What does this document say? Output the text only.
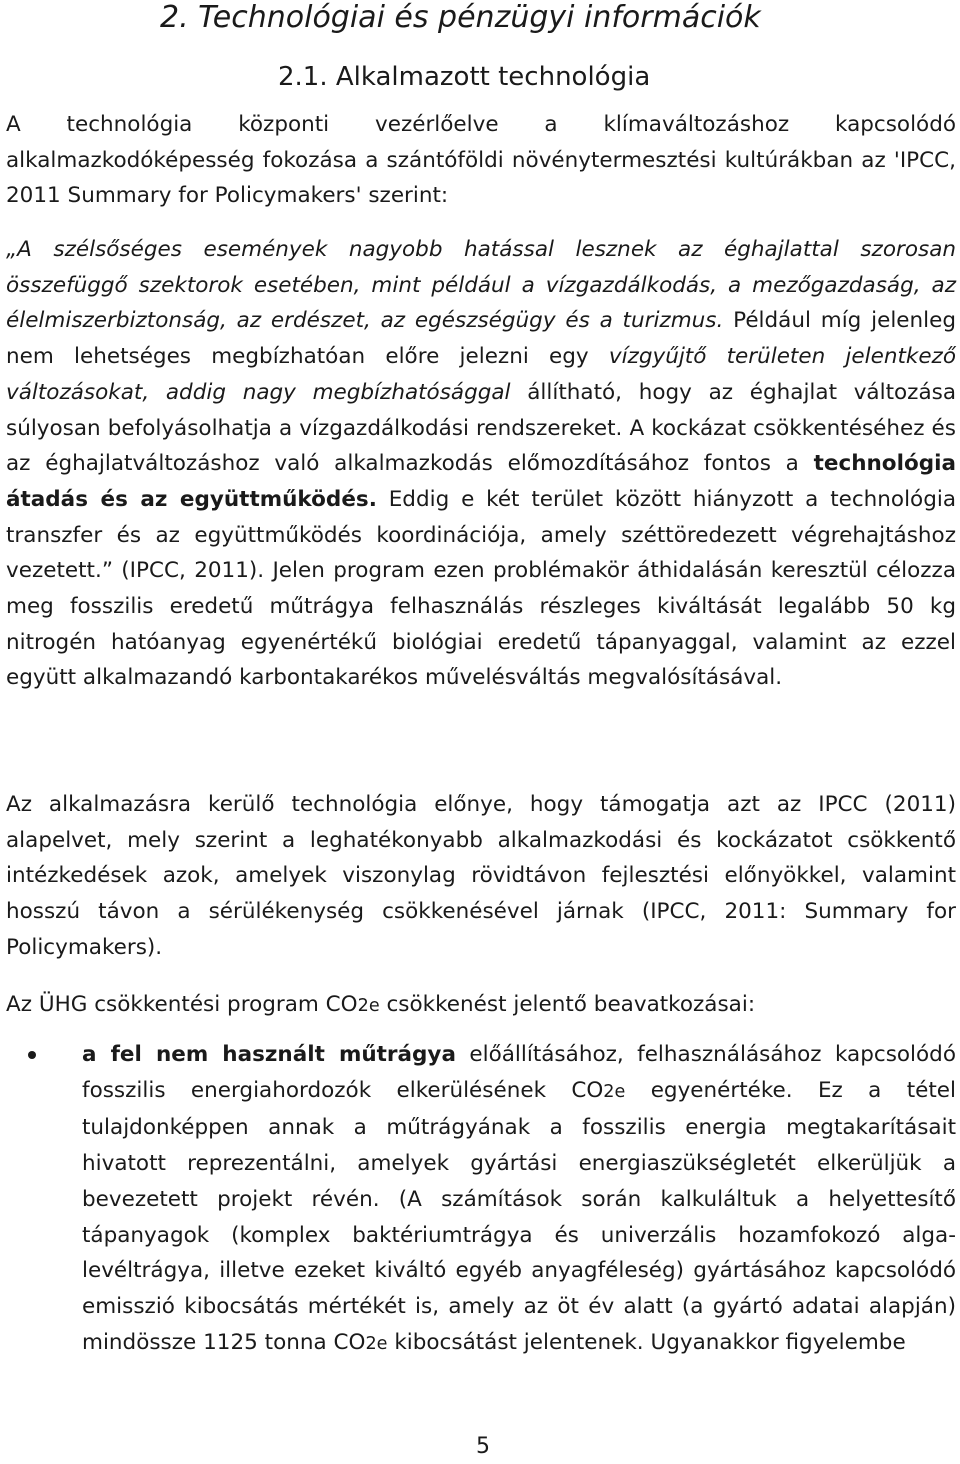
2. Technológiai és pénzügyi információk
2.1. Alkalmazott technológia

A technológia központi vezérlőelve a klímaváltozáshoz kapcsolódó alkalmazkodóképesség fokozása a szántóföldi növénytermesztési kultúrákban az 'IPCC, 2011 Summary for Policymakers' szerint:

„A szélsőséges események nagyobb hatással lesznek az éghajlattal szorosan összefüggő szektorok esetében, mint például a vízgazdálkodás, a mezőgazdaság, az élelmiszerbiztonság, az erdészet, az egészségügy és a turizmus. Például míg jelenleg nem lehetséges megbízhatóan előre jelezni egy vízgyűjtő területen jelentkező változásokat, addig nagy megbízhatósággal állítható, hogy az éghajlat változása súlyosan befolyásolhatja a vízgazdálkodási rendszereket. A kockázat csökkentéséhez és az éghajlatváltozáshoz való alkalmazkodás előmozdításához fontos a technológia átadás és az együttműködés. Eddig e két terület között hiányzott a technológia transzfer és az együttműködés koordinációja, amely széttöredezett végrehajtáshoz vezetett.” (IPCC, 2011). Jelen program ezen problémakör áthidalásán keresztül célozza meg fosszilis eredetű műtrágya felhasználás részleges kiváltását legalább 50 kg nitrogén hatóanyag egyenértékű biológiai eredetű tápanyaggal, valamint az ezzel együtt alkalmazandó karbontakarékos művelésváltás megvalósításával.

Az alkalmazásra kerülő technológia előnye, hogy támogatja azt az IPCC (2011) alapelvet, mely szerint a leghatékonyabb alkalmazkodási és kockázatot csökkentő intézkedések azok, amelyek viszonylag rövidtávon fejlesztési előnyökkel, valamint hosszú távon a sérülékenység csökkenésével járnak (IPCC, 2011: Summary for Policymakers).

Az ÜHG csökkentési program CO2e csökkenést jelentő beavatkozásai:

a fel nem használt műtrágya előállításához, felhasználásához kapcsolódó fosszilis energiahordozók elkerülésének CO2e egyenértéke. Ez a tétel tulajdonképpen annak a műtrágyának a fosszilis energia megtakarításait hivatott reprezentálni, amelyek gyártási energiaszükségletét elkerüljük a bevezetett projekt révén. (A számítások során kalkuláltuk a helyettesítő tápanyagok (komplex baktériumtrágya és univerzális hozamfokozó alga-levéltrágya, illetve ezeket kiváltó egyéb anyagféleség) gyártásához kapcsolódó emisszió kibocsátás mértékét is, amely az öt év alatt (a gyártó adatai alapján) mindössze 1125 tonna CO2e kibocsátást jelentenek. Ugyanakkor figyelembe

5
